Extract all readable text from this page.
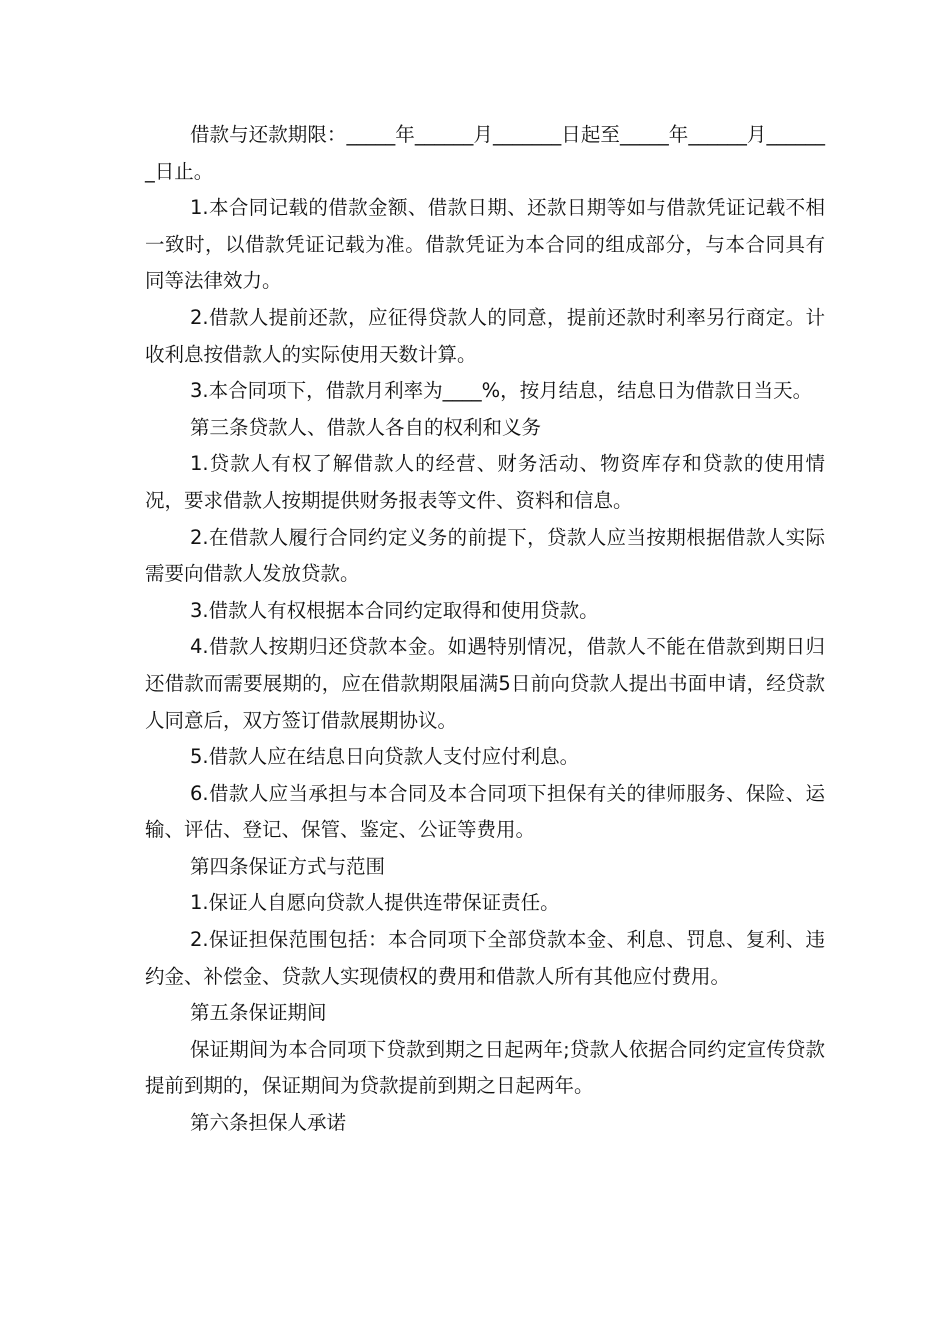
借款与还款期限：_____年______月_______日起至_____年______月_______日止。

1.本合同记载的借款金额、借款日期、还款日期等如与借款凭证记载不相一致时，以借款凭证记载为准。借款凭证为本合同的组成部分，与本合同具有同等法律效力。

2.借款人提前还款，应征得贷款人的同意，提前还款时利率另行商定。计收利息按借款人的实际使用天数计算。

3.本合同项下，借款月利率为____%，按月结息，结息日为借款日当天。

第三条贷款人、借款人各自的权利和义务

1.贷款人有权了解借款人的经营、财务活动、物资库存和贷款的使用情况，要求借款人按期提供财务报表等文件、资料和信息。

2.在借款人履行合同约定义务的前提下，贷款人应当按期根据借款人实际需要向借款人发放贷款。

3.借款人有权根据本合同约定取得和使用贷款。

4.借款人按期归还贷款本金。如遇特别情况，借款人不能在借款到期日归还借款而需要展期的，应在借款期限届满5日前向贷款人提出书面申请，经贷款人同意后，双方签订借款展期协议。

5.借款人应在结息日向贷款人支付应付利息。

6.借款人应当承担与本合同及本合同项下担保有关的律师服务、保险、运输、评估、登记、保管、鉴定、公证等费用。

第四条保证方式与范围

1.保证人自愿向贷款人提供连带保证责任。

2.保证担保范围包括：本合同项下全部贷款本金、利息、罚息、复利、违约金、补偿金、贷款人实现债权的费用和借款人所有其他应付费用。

第五条保证期间

保证期间为本合同项下贷款到期之日起两年;贷款人依据合同约定宣传贷款提前到期的，保证期间为贷款提前到期之日起两年。

第六条担保人承诺
